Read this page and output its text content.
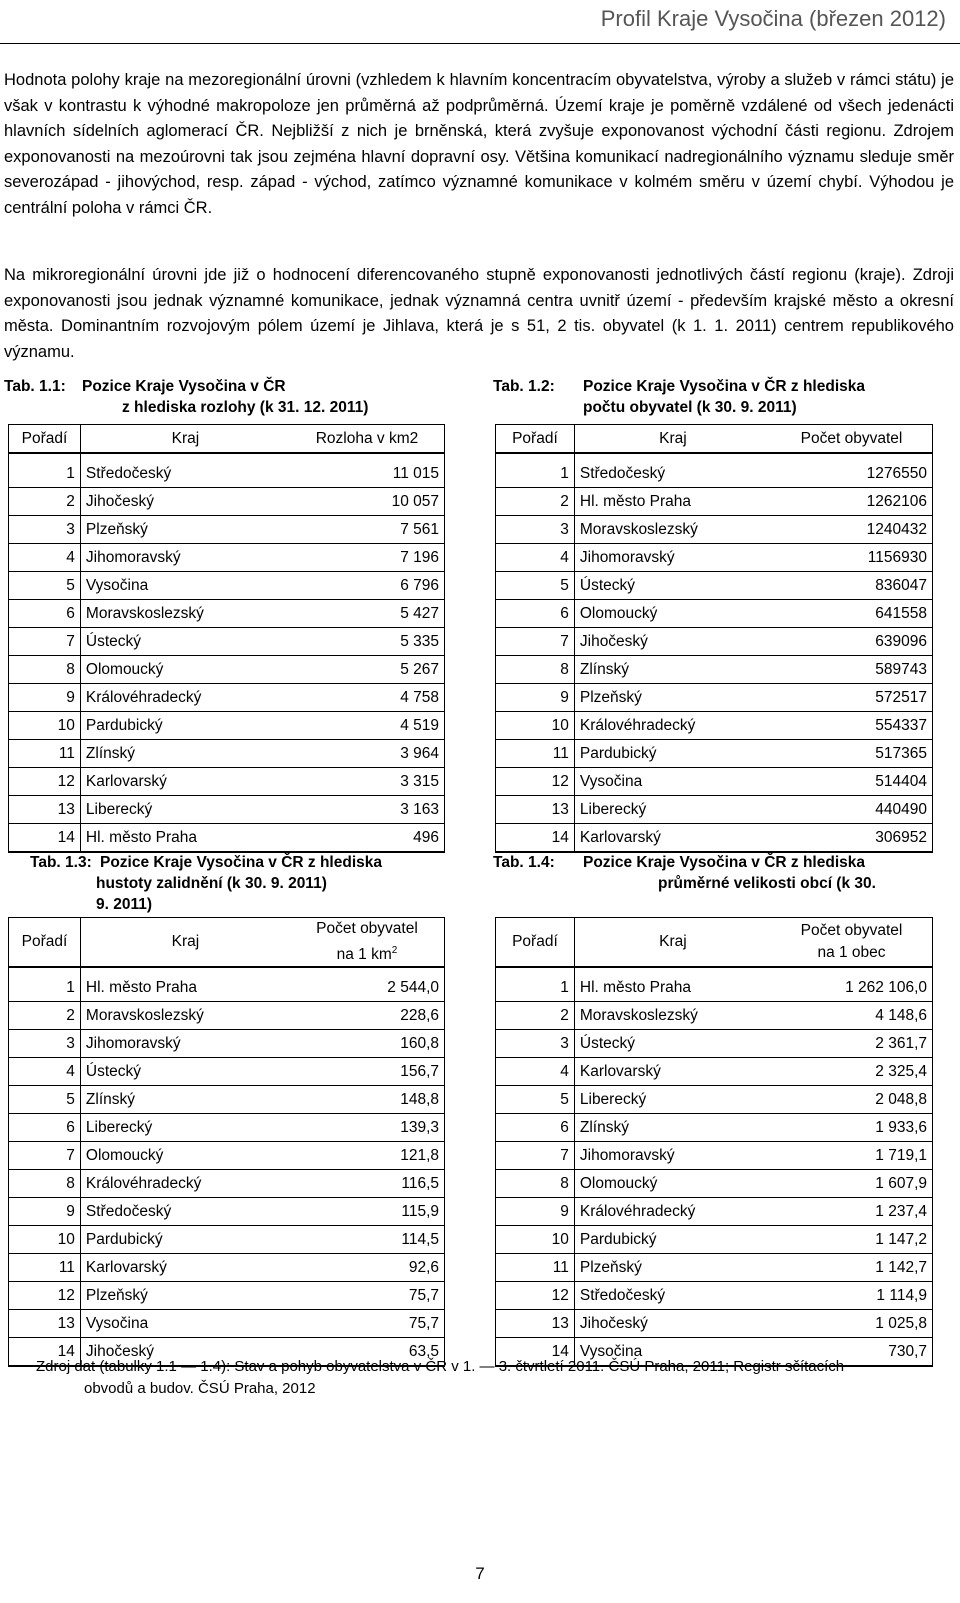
Profil Kraje Vysočina (březen 2012)
Hodnota polohy kraje na mezoregionální úrovni (vzhledem k hlavním koncentracím obyvatelstva, výroby a služeb v rámci státu) je však v kontrastu k výhodné makropoloze jen průměrná až podprůměrná. Území kraje je poměrně vzdálené od všech jedenácti hlavních sídelních aglomerací ČR. Nejbližší z nich je brněnská, která zvyšuje exponovanost východní části regionu. Zdrojem exponovanosti na mezoúrovni tak jsou zejména hlavní dopravní osy. Většina komunikací nadregionálního významu sleduje směr severozápad - jihovýchod, resp. západ - východ, zatímco významné komunikace v kolmém směru v území chybí. Výhodou je centrální poloha v rámci ČR.
Na mikroregionální úrovni jde již o hodnocení diferencovaného stupně exponovanosti jednotlivých částí regionu (kraje). Zdroji exponovanosti jsou jednak významné komunikace, jednak významná centra uvnitř území - především krajské město a okresní města. Dominantním rozvojovým pólem území je Jihlava, která je s 51, 2 tis. obyvatel (k 1. 1. 2011) centrem republikového významu.
Tab. 1.1: Pozice Kraje Vysočina v ČR
z hlediska rozlohy (k 31. 12. 2011)
Pořadí	Kraj	Rozloha v km2

1	Středočeský	11 015
2	Jihočeský	10 057
3	Plzeňský	7 561
4	Jihomoravský	7 196
5	Vysočina	6 796
6	Moravskoslezský	5 427
7	Ústecký	5 335
8	Olomoucký	5 267
9	Královéhradecký	4 758
10	Pardubický	4 519
11	Zlínský	3 964
12	Karlovarský	3 315
13	Liberecký	3 163
14	Hl. město Praha	496
Tab. 1.2: Pozice Kraje Vysočina v ČR z hlediska
počtu obyvatel (k 30. 9. 2011)
Pořadí	Kraj	Počet obyvatel

1	Středočeský	1276550
2	Hl. město Praha	1262106
3	Moravskoslezský	1240432
4	Jihomoravský	1156930
5	Ústecký	836047
6	Olomoucký	641558
7	Jihočeský	639096
8	Zlínský	589743
9	Plzeňský	572517
10	Královéhradecký	554337
11	Pardubický	517365
12	Vysočina	514404
13	Liberecký	440490
14	Karlovarský	306952
Tab. 1.3: Pozice Kraje Vysočina v ČR z hlediska
hustoty zalidnění (k 30. 9. 2011)
9. 2011)
Pořadí	Kraj	Počet obyvatel
na 1 $km^2$

1	Hl. město Praha	2 544,0
2	Moravskoslezský	228,6
3	Jihomoravský	160,8
4	Ústecký	156,7
5	Zlínský	148,8
6	Liberecký	139,3
7	Olomoucký	121,8
8	Královéhradecký	116,5
9	Středočeský	115,9
10	Pardubický	114,5
11	Karlovarský	92,6
12	Plzeňský	75,7
13	Vysočina	75,7
14	Jihočeský	63,5
Tab. 1.4: Pozice Kraje Vysočina v ČR z hlediska
průměrné velikosti obcí (k 30.
Pořadí	Kraj	Počet obyvatel
na 1 obec

1	Hl. město Praha	1 262 106,0
2	Moravskoslezský	4 148,6
3	Ústecký	2 361,7
4	Karlovarský	2 325,4
5	Liberecký	2 048,8
6	Zlínský	1 933,6
7	Jihomoravský	1 719,1
8	Olomoucký	1 607,9
9	Královéhradecký	1 237,4
10	Pardubický	1 147,2
11	Plzeňský	1 142,7
12	Středočeský	1 114,9
13	Jihočeský	1 025,8
14	Vysočina	730,7
Zdroj dat (tabulky 1.1 — 1.4): Stav a pohyb obyvatelstva v ČR v 1. — 3. čtvrtletí 2011. ČSÚ Praha, 2011; Registr sčítacích
obvodů a budov. ČSÚ Praha, 2012
7
